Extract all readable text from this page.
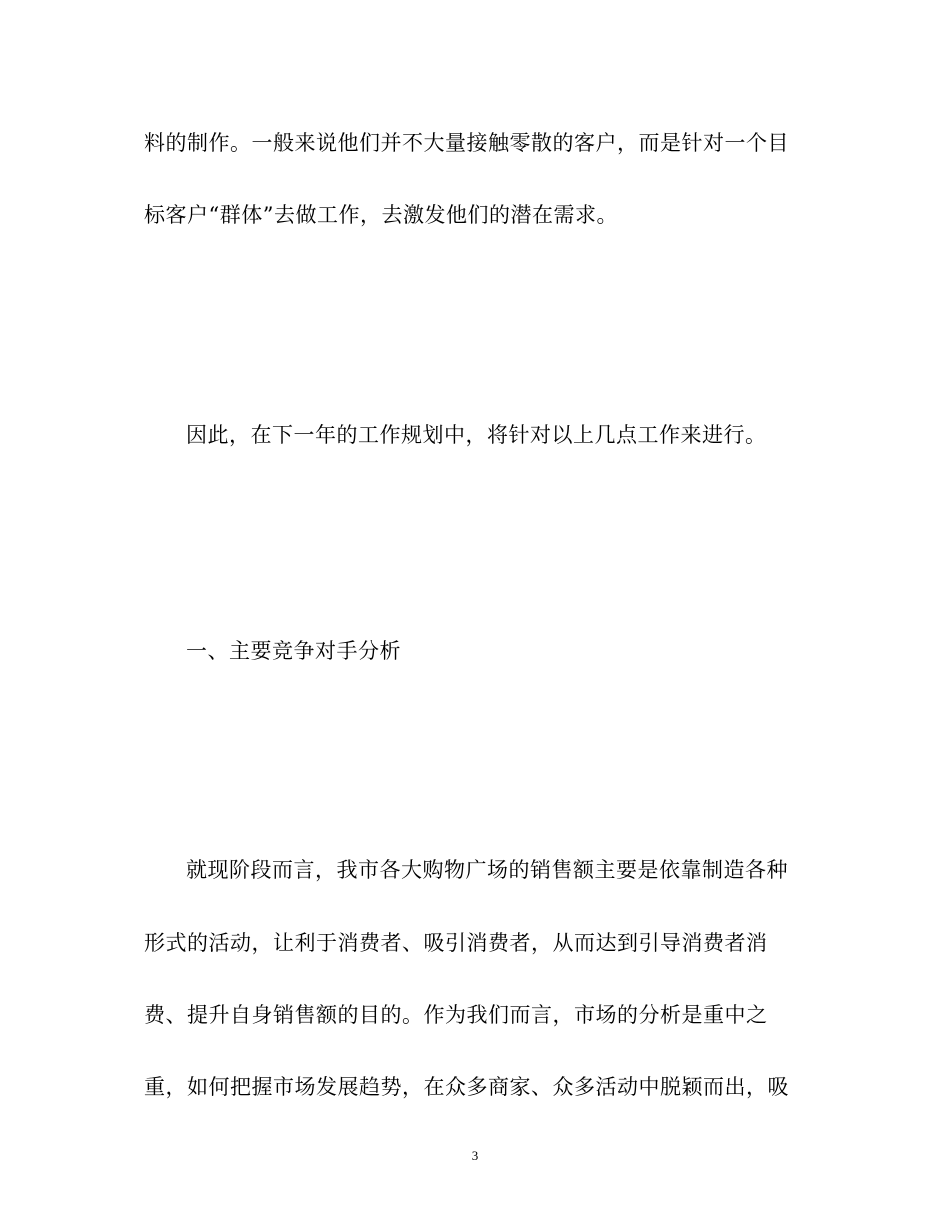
料的制作。一般来说他们并不大量接触零散的客户，而是针对一个目
标客户“群体”去做工作，去激发他们的潜在需求。
因此，在下一年的工作规划中，将针对以上几点工作来进行。
一、主要竞争对手分析
就现阶段而言，我市各大购物广场的销售额主要是依靠制造各种
形式的活动，让利于消费者、吸引消费者，从而达到引导消费者消
费、提升自身销售额的目的。作为我们而言，市场的分析是重中之
重，如何把握市场发展趋势，在众多商家、众多活动中脱颖而出，吸
3
